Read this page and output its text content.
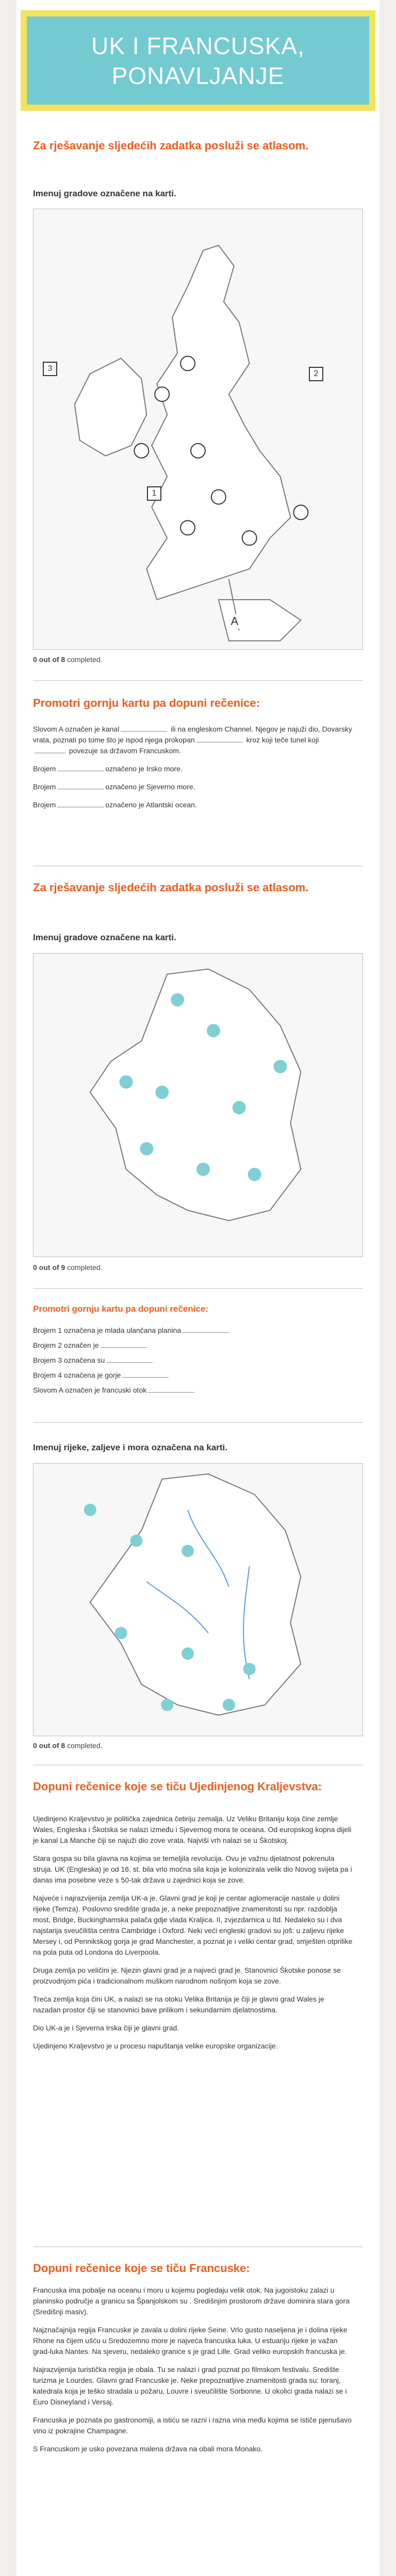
UK I FRANCUSKA,
PONAVLJANJE
Za rješavanje sljedećih zadatka posluži se atlasom.
Imenuj gradove označene na karti.
3
2
1
A
0 out of 8 completed.
Promotri gornju kartu pa dopuni rečenice:

Slovom A označen je kanal	ili na engleskom Channel. Njegov je najuži dio, Dovarsky vrata, poznati po tome što je ispod njega prokopan	kroz koji teče tunel koji povezuje sa državom Francuskom.

Brojem	označeno je Irsko more.

Brojem	označeno je Sjeverno more.

Brojem	označeno je Atlantski ocean.

Za rješavanje sljedećih zadatka posluži se atlasom.
Imenuj gradove označene na karti.
0 out of 9 completed.
Promotri gornju kartu pa dopuni rečenice:

Brojem 1 označena je mlada ulančana planina

Brojem 2 označen je

Brojem 3 označena su

Brojem 4 označena je gorje

Slovom A označen je francuski otok

Imenuj rijeke, zaljeve i mora označena na karti.
0 out of 8 completed.
Dopuni rečenice koje se tiču Ujedinjenog Kraljevstva:

Ujedinjeno Kraljevstvo je politička zajednica četiriju zemalja. Uz Veliku Britaniju koja čine zemlje Wales, Engleska i Škotska se nalazi između i Sjevernog mora te oceana. Od europskog kopna dijeli je kanal La Manche čiji se najuži dio zove vrata. Najviši vrh nalazi se u Škotskoj.

Stara gospa su bila glavna na kojima se temeljila revolucija. Ovu je važnu djelatnost pokrenula struja. UK (Engleska) je od 16. st. bila vrlo moćna sila koja je kolonizirala velik dio Novog svijeta pa i danas ima posebne veze s 50-tak država u zajednici koja se zove.

Najveće i najrazvijenija zemlja UK-a je. Glavni grad je koji je centar aglomeracije nastale u dolini rijeke (Temza). Poslovno središte grada je, a neke prepoznatljive znamenitosti su npr. razdoblja most, Bridge, Buckinghamska palača gdje vlada Kraljica. II, zvjezdarnica u Itd. Nedaleko su i dva najstarija sveučilišta centra Cambridge i Oxford. Neki veći engleski gradovi su još: u zaljevu rijeke Mersey i, od Pennikskog gorja je grad Manchester, a poznat je i veliki centar grad, smješten otprilike na pola puta od Londona do Liverpoola.

Druga zemlja po veličini je. Njezin glavni grad je a najveći grad je. Stanovnici Škotske ponose se proizvodnjom pića i tradicionalnom muškom narodnom nošnjom koja se zove.

Treća zemlja koja čini UK, a nalazi se na otoku Velika Britanija je čiji je glavni grad Wales je nazadan prostor čiji se stanovnici bave prilikom i sekundarnim djelatnostima.

Dio UK-a je i Sjeverna Irska čiji je glavni grad.

Ujedinjeno Kraljevstvo je u procesu napuštanja velike europske organizacije.

Dopuni rečenice koje se tiču Francuske:

Francuska ima pobalje na oceanu i moru u kojemu pogledaju velik otok. Na jugoistoku zalazi u planinsko područje a granicu sa Španjolskom su . Središnjim prostorom države dominira stara gora (Središnji masiv).

Najznačajnija regija Francuske je zavala u dolini rijeke Seine. Vrlo gusto naseljena je i dolina rijeke Rhone na čijem ušću u Sredozemno more je najveća francuska luka. U estuariju rijeke je važan grad-luka Nantes. Na sjeveru, nedaleko granice s je grad Lille. Grad veliko europskih francuska je.

Najrazvijenija turistička regija je obala. Tu se nalazi i grad poznat po filmskom festivalu. Središte turizma je Lourdes. Glavni grad Francuske je. Neke prepoznatljive znamenitosti grada su: toranj, katedrala koja je teško stradala u požaru, Louvre i sveučilište Sorbonne. U okolici grada nalazi se i Euro Disneyland i Versaj.

Francuska je poznata po gastronomiji, a istiću se razni i razna vina među kojima se ističe pjenušavo vino iz pokrajine Champagne.

S Francuskom je usko povezana malena država na obali mora Monako.
